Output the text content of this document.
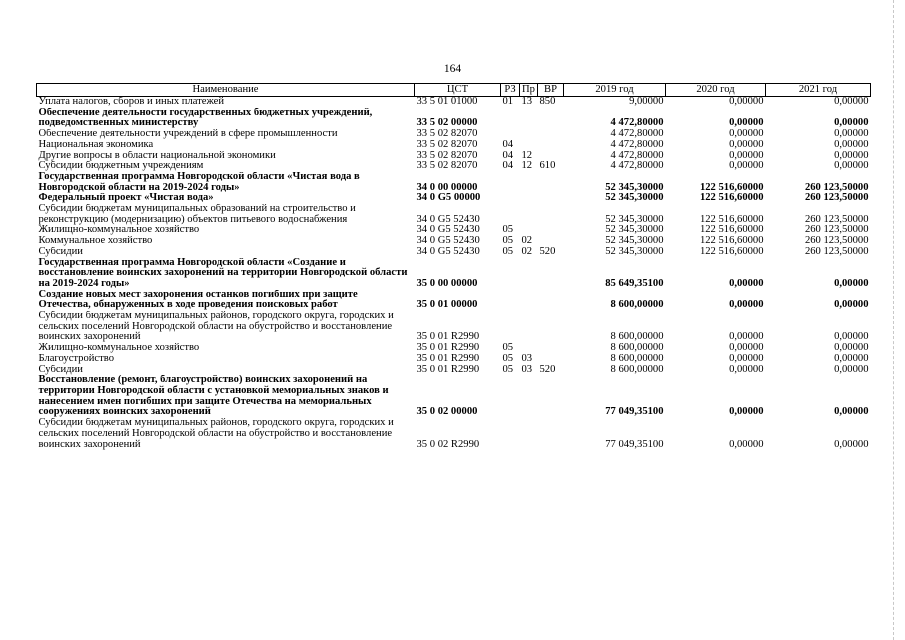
164
Наименование	ЦСТ	РЗ	Пр	ВР	2019 год	2020 год	2021 год
Уплата налогов, сборов и иных платежей	33 5 01 01000	01	13	850	9,00000	0,00000	0,00000
Обеспечение деятельности государственных бюджетных учреждений, подведомственных министерству	33 5 02 00000				4 472,80000	0,00000	0,00000
Обеспечение деятельности учреждений в сфере промышленности	33 5 02 82070				4 472,80000	0,00000	0,00000
Национальная экономика	33 5 02 82070	04			4 472,80000	0,00000	0,00000
Другие вопросы в области национальной экономики	33 5 02 82070	04	12		4 472,80000	0,00000	0,00000
Субсидии бюджетным учреждениям	33 5 02 82070	04	12	610	4 472,80000	0,00000	0,00000
Государственная программа Новгородской области «Чистая вода в Новгородской области на 2019-2024 годы»	34 0 00 00000				52 345,30000	122 516,60000	260 123,50000
Федеральный проект «Чистая вода»	34 0 G5 00000				52 345,30000	122 516,60000	260 123,50000
Субсидии бюджетам муниципальных образований на строительство и реконструкцию (модернизацию) объектов питьевого водоснабжения	34 0 G5 52430				52 345,30000	122 516,60000	260 123,50000
Жилищно-коммунальное хозяйство	34 0 G5 52430	05			52 345,30000	122 516,60000	260 123,50000
Коммунальное хозяйство	34 0 G5 52430	05	02		52 345,30000	122 516,60000	260 123,50000
Субсидии	34 0 G5 52430	05	02	520	52 345,30000	122 516,60000	260 123,50000
Государственная программа Новгородской области «Создание и восстановление воинских захоронений на территории Новгородской области на 2019-2024 годы»	35 0 00 00000				85 649,35100	0,00000	0,00000
Создание новых мест захоронения останков погибших при защите Отечества, обнаруженных в ходе проведения поисковых работ	35 0 01 00000				8 600,00000	0,00000	0,00000
Субсидии бюджетам муниципальных районов, городского округа, городских и сельских поселений Новгородской области на обустройство и восстановление воинских захоронений	35 0 01 R2990				8 600,00000	0,00000	0,00000
Жилищно-коммунальное хозяйство	35 0 01 R2990	05			8 600,00000	0,00000	0,00000
Благоустройство	35 0 01 R2990	05	03		8 600,00000	0,00000	0,00000
Субсидии	35 0 01 R2990	05	03	520	8 600,00000	0,00000	0,00000
Восстановление (ремонт, благоустройство) воинских захоронений на территории Новгородской области с установкой мемориальных знаков и нанесением имен погибших при защите Отечества на мемориальных сооружениях воинских захоронений	35 0 02 00000				77 049,35100	0,00000	0,00000
Субсидии бюджетам муниципальных районов, городского округа, городских и сельских поселений Новгородской области на обустройство и восстановление воинских захоронений	35 0 02 R2990				77 049,35100	0,00000	0,00000
